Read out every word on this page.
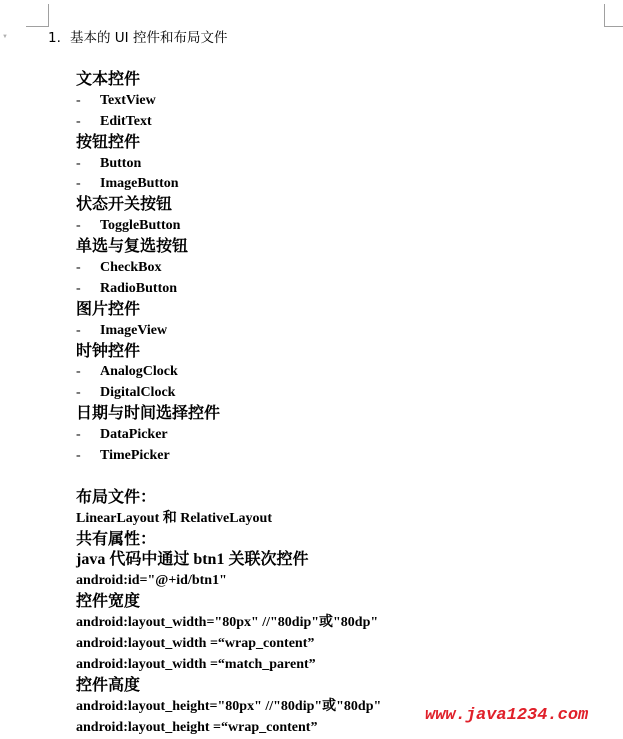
▼	1. 基本的 UI 控件和布局文件
文本控件
- TextView
- EditText
按钮控件
- Button
- ImageButton
状态开关按钮
- ToggleButton
单选与复选按钮
- CheckBox
- RadioButton
图片控件
- ImageView
时钟控件
- AnalogClock
- DigitalClock
日期与时间选择控件
- DataPicker
- TimePicker
布局文件：
LinearLayout 和 RelativeLayout
共有属性：
java 代码中通过 btn1 关联次控件
android:id="@+id/btn1"
控件宽度
android:layout_width="80px" //"80dip"或"80dp"
android:layout_width =“wrap_content”
android:layout_width =“match_parent”
控件高度
android:layout_height="80px" //"80dip"或"80dp"
android:layout_height =“wrap_content”
www.java1234.com
